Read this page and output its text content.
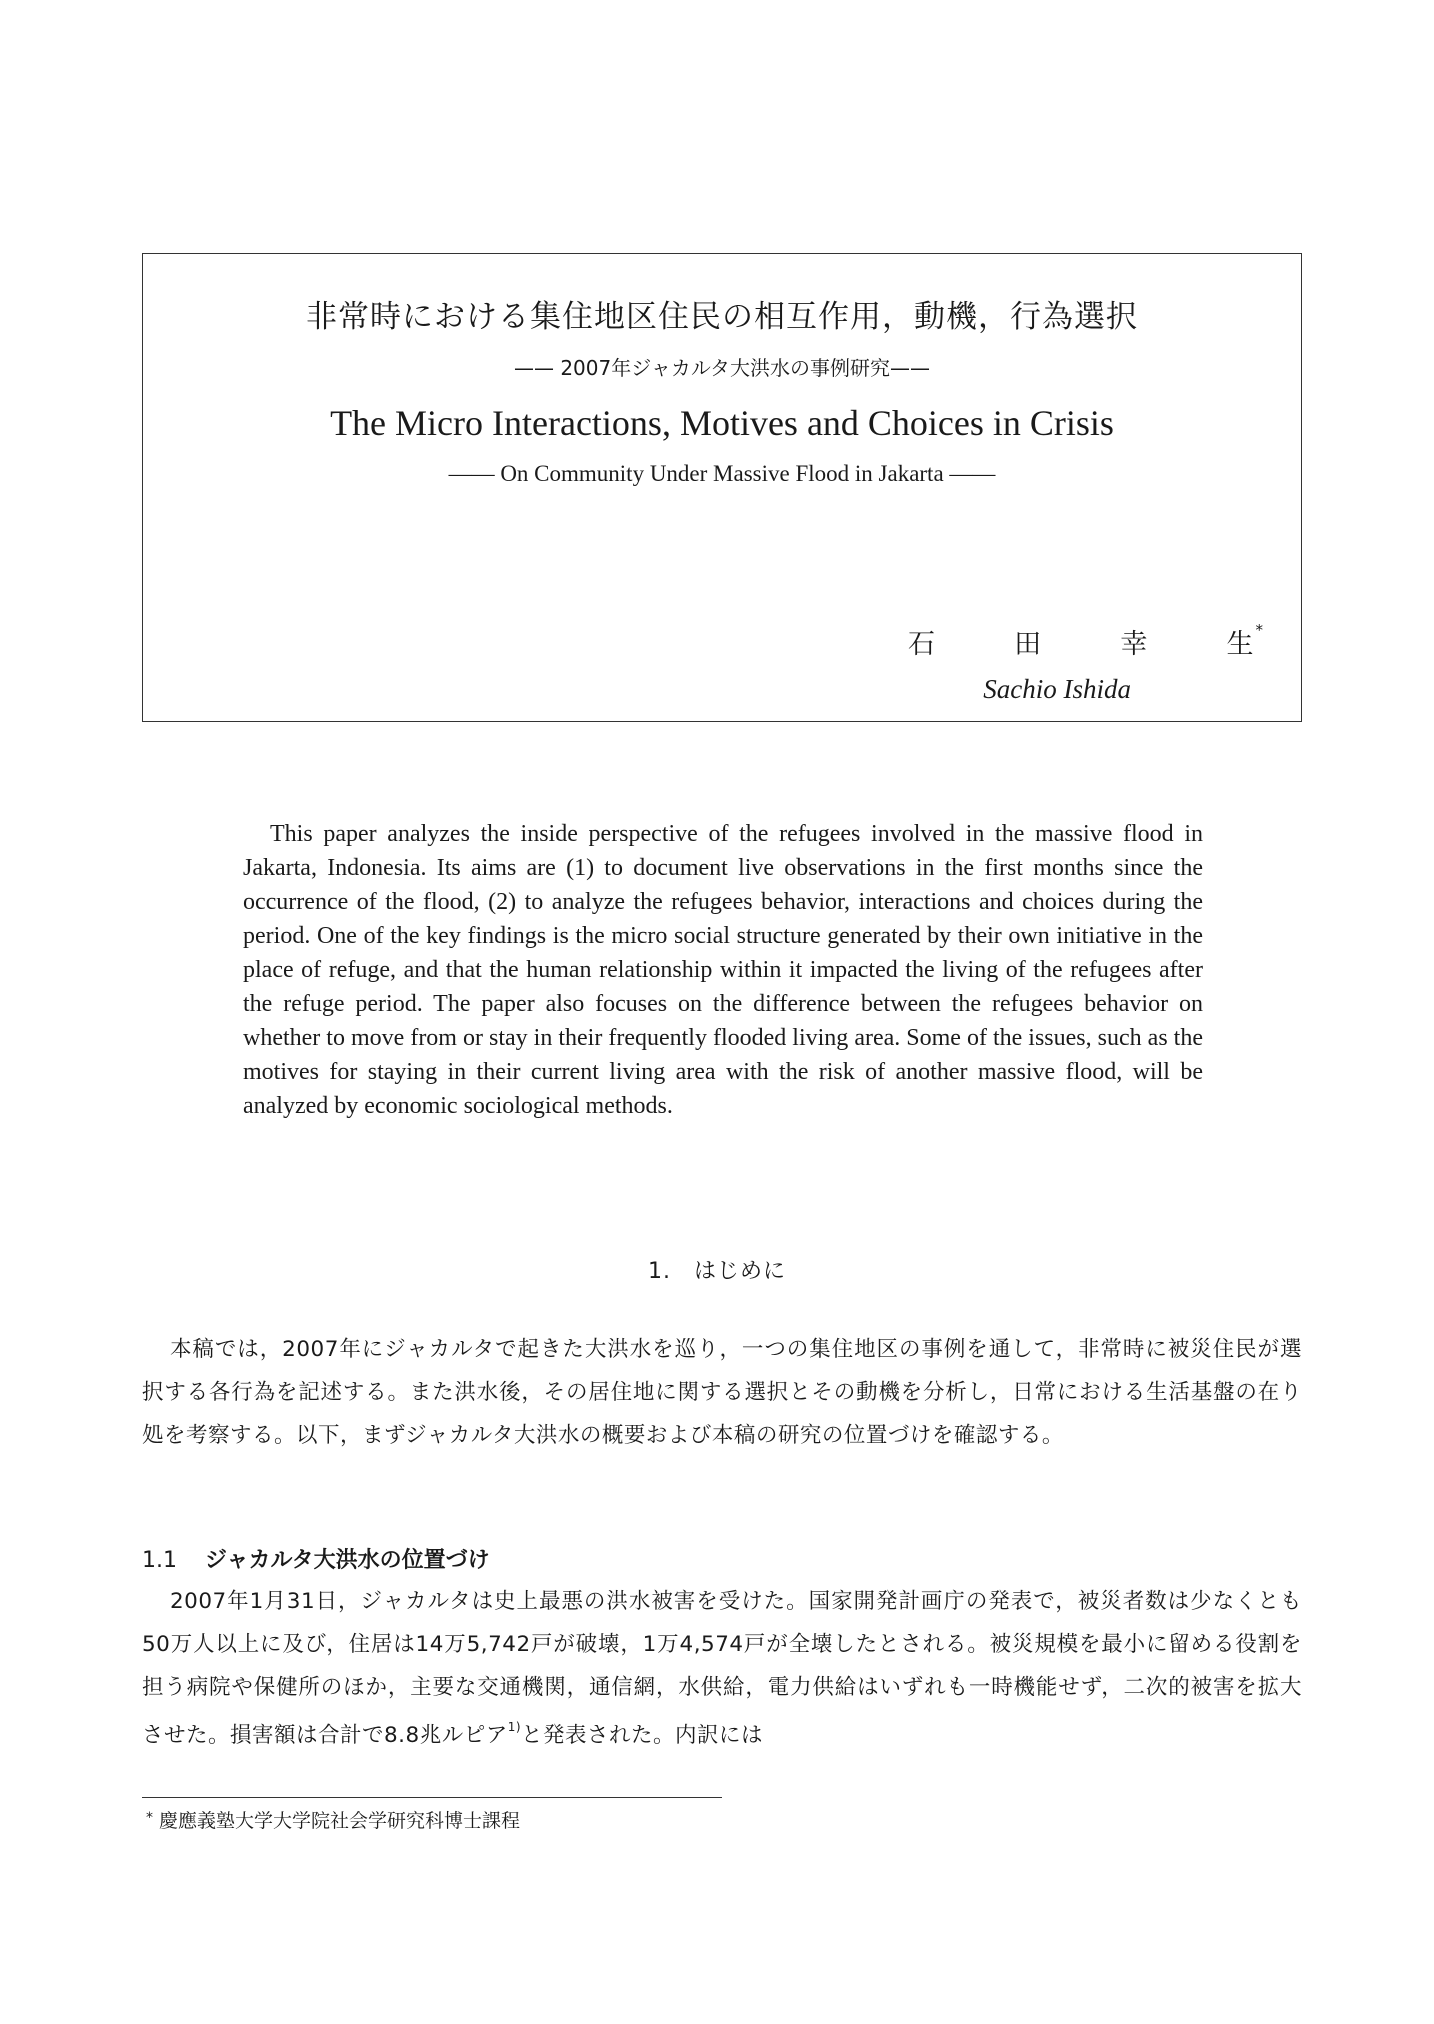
非常時における集住地区住民の相互作用，動機，行為選択
—— 2007年ジャカルタ大洪水の事例研究——
The Micro Interactions, Motives and Choices in Crisis
—— On Community Under Massive Flood in Jakarta ——
石	田	幸	生 *
Sachio Ishida
This paper analyzes the inside perspective of the refugees involved in the massive flood in Jakarta, Indonesia. Its aims are (1) to document live observations in the first months since the occurrence of the flood, (2) to analyze the refugees behavior, interactions and choices during the period. One of the key findings is the micro social structure generated by their own initiative in the place of refuge, and that the human relationship within it impacted the living of the refugees after the refuge period. The paper also focuses on the difference between the refugees behavior on whether to move from or stay in their frequently flooded living area. Some of the issues, such as the motives for staying in their current living area with the risk of another massive flood, will be analyzed by economic sociological methods.
1.　はじめに
本稿では，2007年にジャカルタで起きた大洪水を巡り，一つの集住地区の事例を通して，非常時に被災住民が選択する各行為を記述する。また洪水後，その居住地に関する選択とその動機を分析し，日常における生活基盤の在り処を考察する。以下，まずジャカルタ大洪水の概要および本稿の研究の位置づけを確認する。
1.1 ジャカルタ大洪水の位置づけ
2007年1月31日，ジャカルタは史上最悪の洪水被害を受けた。国家開発計画庁の発表で，被災者数は少なくとも50万人以上に及び，住居は14万5,742戸が破壊，1万4,574戸が全壊したとされる。被災規模を最小に留める役割を担う病院や保健所のほか，主要な交通機関，通信網，水供給，電力供給はいずれも一時機能せず，二次的被害を拡大させた。損害額は合計で8.8兆ルピア$^{1)}$と発表された。内訳には
* 慶應義塾大学大学院社会学研究科博士課程
